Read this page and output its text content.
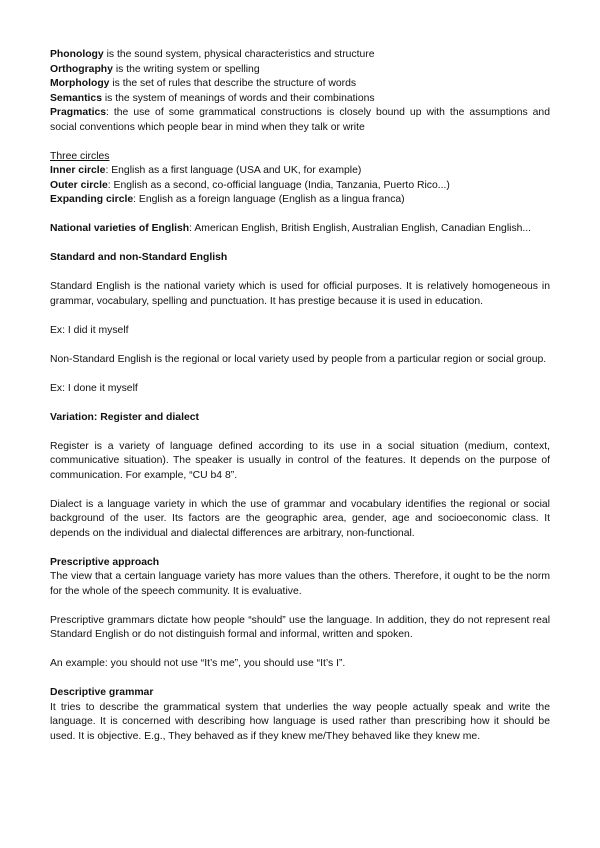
Phonology is the sound system, physical characteristics and structure
Orthography is the writing system or spelling
Morphology is the set of rules that describe the structure of words
Semantics is the system of meanings of words and their combinations
Pragmatics: the use of some grammatical constructions is closely bound up with the assumptions and social conventions which people bear in mind when they talk or write
Three circles
Inner circle: English as a first language (USA and UK, for example)
Outer circle: English as a second, co-official language (India, Tanzania, Puerto Rico...)
Expanding circle: English as a foreign language (English as a lingua franca)
National varieties of English: American English, British English, Australian English, Canadian English...
Standard and non-Standard English
Standard English is the national variety which is used for official purposes. It is relatively homogeneous in grammar, vocabulary, spelling and punctuation. It has prestige because it is used in education.
Ex: I did it myself
Non-Standard English is the regional or local variety used by people from a particular region or social group.
Ex: I done it myself
Variation: Register and dialect
Register is a variety of language defined according to its use in a social situation (medium, context, communicative situation). The speaker is usually in control of the features. It depends on the purpose of communication. For example, “CU b4 8”.
Dialect is a language variety in which the use of grammar and vocabulary identifies the regional or social background of the user. Its factors are the geographic area, gender, age and socioeconomic class. It depends on the individual and dialectal differences are arbitrary, non-functional.
Prescriptive approach
The view that a certain language variety has more values than the others. Therefore, it ought to be the norm for the whole of the speech community. It is evaluative.
Prescriptive grammars dictate how people “should” use the language. In addition, they do not represent real Standard English or do not distinguish formal and informal, written and spoken.
An example: you should not use “It’s me”, you should use “It’s I”.
Descriptive grammar
It tries to describe the grammatical system that underlies the way people actually speak and write the language. It is concerned with describing how language is used rather than prescribing how it should be used. It is objective. E.g., They behaved as if they knew me/They behaved like they knew me.
